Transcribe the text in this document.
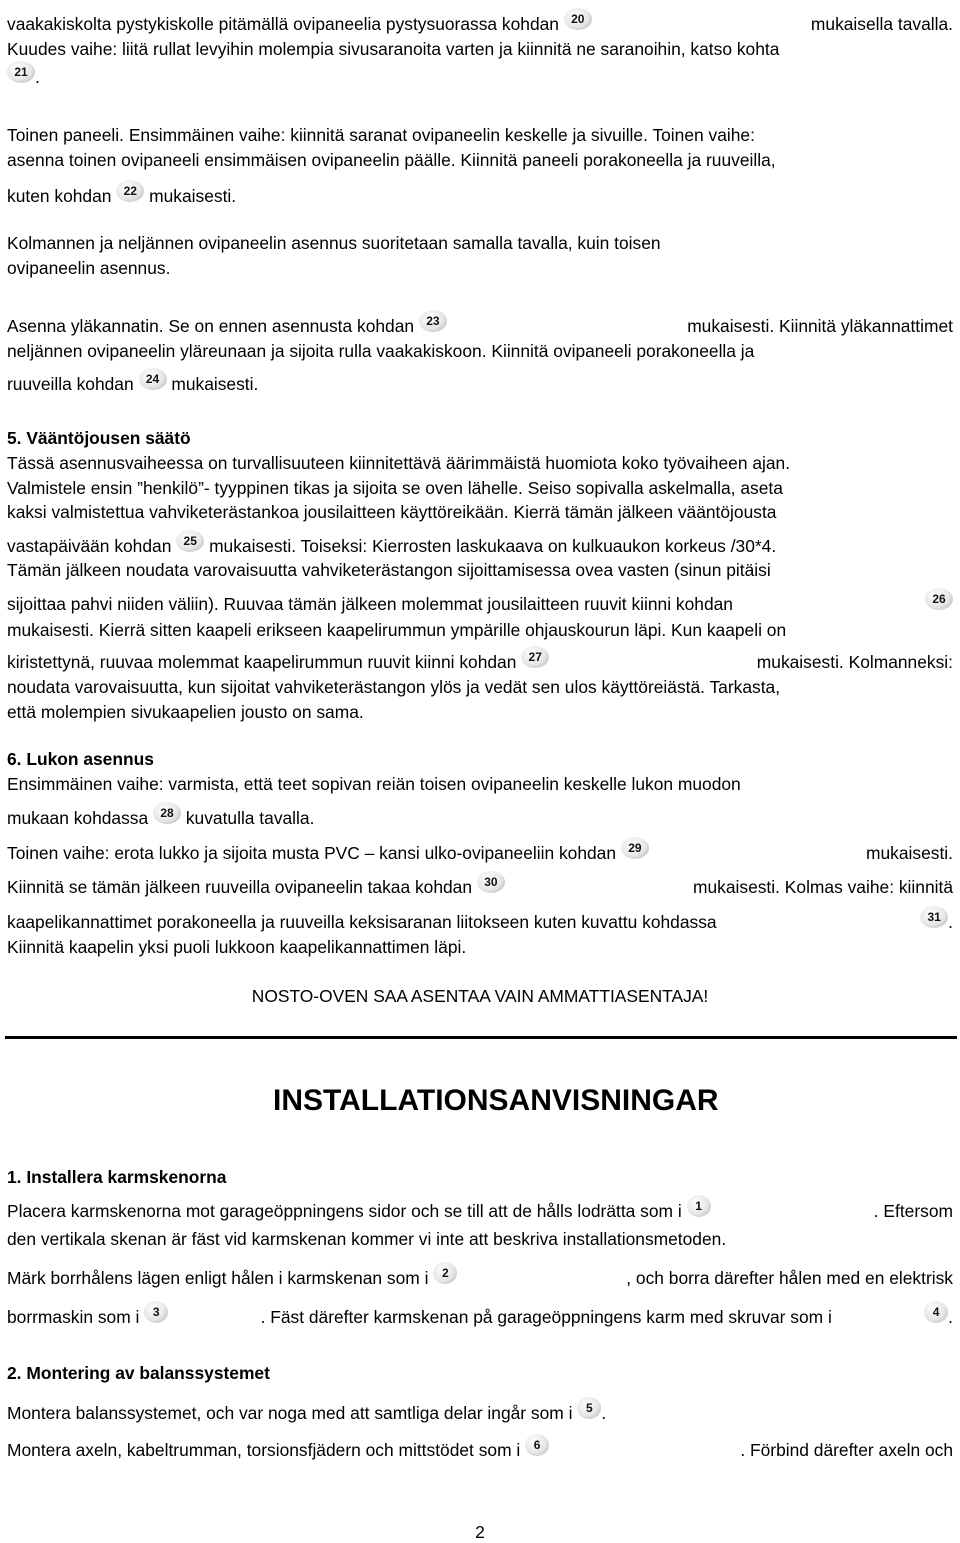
vaakakiskolta pystykiskolle pitämällä ovipaneelia pystysuorassa kohdan 20	mukaisella tavalla.
Kuudes vaihe: liitä rullat levyihin molempia sivusaranoita varten ja kiinnitä ne saranoihin, katso kohta
21 .
Toinen paneeli. Ensimmäinen vaihe: kiinnitä saranat ovipaneelin keskelle ja sivuille. Toinen vaihe:
asenna toinen ovipaneeli ensimmäisen ovipaneelin päälle. Kiinnitä paneeli porakoneella ja ruuveilla,
kuten kohdan 22 mukaisesti.
Kolmannen ja neljännen ovipaneelin asennus suoritetaan samalla tavalla, kuin toisen
ovipaneelin asennus.
Asenna yläkannatin. Se on ennen asennusta kohdan 23	mukaisesti. Kiinnitä yläkannattimet
neljännen ovipaneelin yläreunaan ja sijoita rulla vaakakiskoon. Kiinnitä ovipaneeli porakoneella ja
ruuveilla kohdan 24 mukaisesti.
5. Vääntöjousen säätö
Tässä asennusvaiheessa on turvallisuuteen kiinnitettävä äärimmäistä huomiota koko työvaiheen ajan.
Valmistele ensin ”henkilö”- tyyppinen tikas ja sijoita se oven lähelle. Seiso sopivalla askelmalla, aseta
kaksi valmistettua vahviketerästankoa jousilaitteen käyttöreikään. Kierrä tämän jälkeen vääntöjousta
vastapäivään kohdan 25 mukaisesti. Toiseksi: Kierrosten laskukaava on kulkuaukon korkeus /30*4.
Tämän jälkeen noudata varovaisuutta vahviketerästangon sijoittamisessa ovea vasten (sinun pitäisi
sijoittaa pahvi niiden väliin). Ruuvaa tämän jälkeen molemmat jousilaitteen ruuvit kiinni kohdan	26
mukaisesti. Kierrä sitten kaapeli erikseen kaapelirummun ympärille ohjauskourun läpi. Kun kaapeli on
kiristettynä, ruuvaa molemmat kaapelirummun ruuvit kiinni kohdan 27	mukaisesti. Kolmanneksi:
noudata varovaisuutta, kun sijoitat vahviketerästangon ylös ja vedät sen ulos käyttöreiästä. Tarkasta,
että molempien sivukaapelien jousto on sama.
6. Lukon asennus
Ensimmäinen vaihe: varmista, että teet sopivan reiän toisen ovipaneelin keskelle lukon muodon
mukaan kohdassa 28 kuvatulla tavalla.
Toinen vaihe: erota lukko ja sijoita musta PVC – kansi ulko-ovipaneeliin kohdan 29	mukaisesti.
Kiinnitä se tämän jälkeen ruuveilla ovipaneelin takaa kohdan 30	mukaisesti. Kolmas vaihe: kiinnitä
kaapelikannattimet porakoneella ja ruuveilla keksisaranan liitokseen kuten kuvattu kohdassa	31 .
Kiinnitä kaapelin yksi puoli lukkoon kaapelikannattimen läpi.
NOSTO-OVEN SAA ASENTAA VAIN AMMATTIASENTAJA!
INSTALLATIONSANVISNINGAR
1. Installera karmskenorna
Placera karmskenorna mot garageöppningens sidor och se till att de hålls lodrätta som i 1	. Eftersom
den vertikala skenan är fäst vid karmskenan kommer vi inte att beskriva installationsmetoden.
Märk borrhålens lägen enligt hålen i karmskenan som i 2	, och borra därefter hålen med en elektrisk
borrmaskin som i 3	. Fäst därefter karmskenan på garageöppningens karm med skruvar som i	4 .
2. Montering av balanssystemet
Montera balanssystemet, och var noga med att samtliga delar ingår som i 5 .
Montera axeln, kabeltrumman, torsionsfjädern och mittstödet som i 6	. Förbind därefter axeln och
2
